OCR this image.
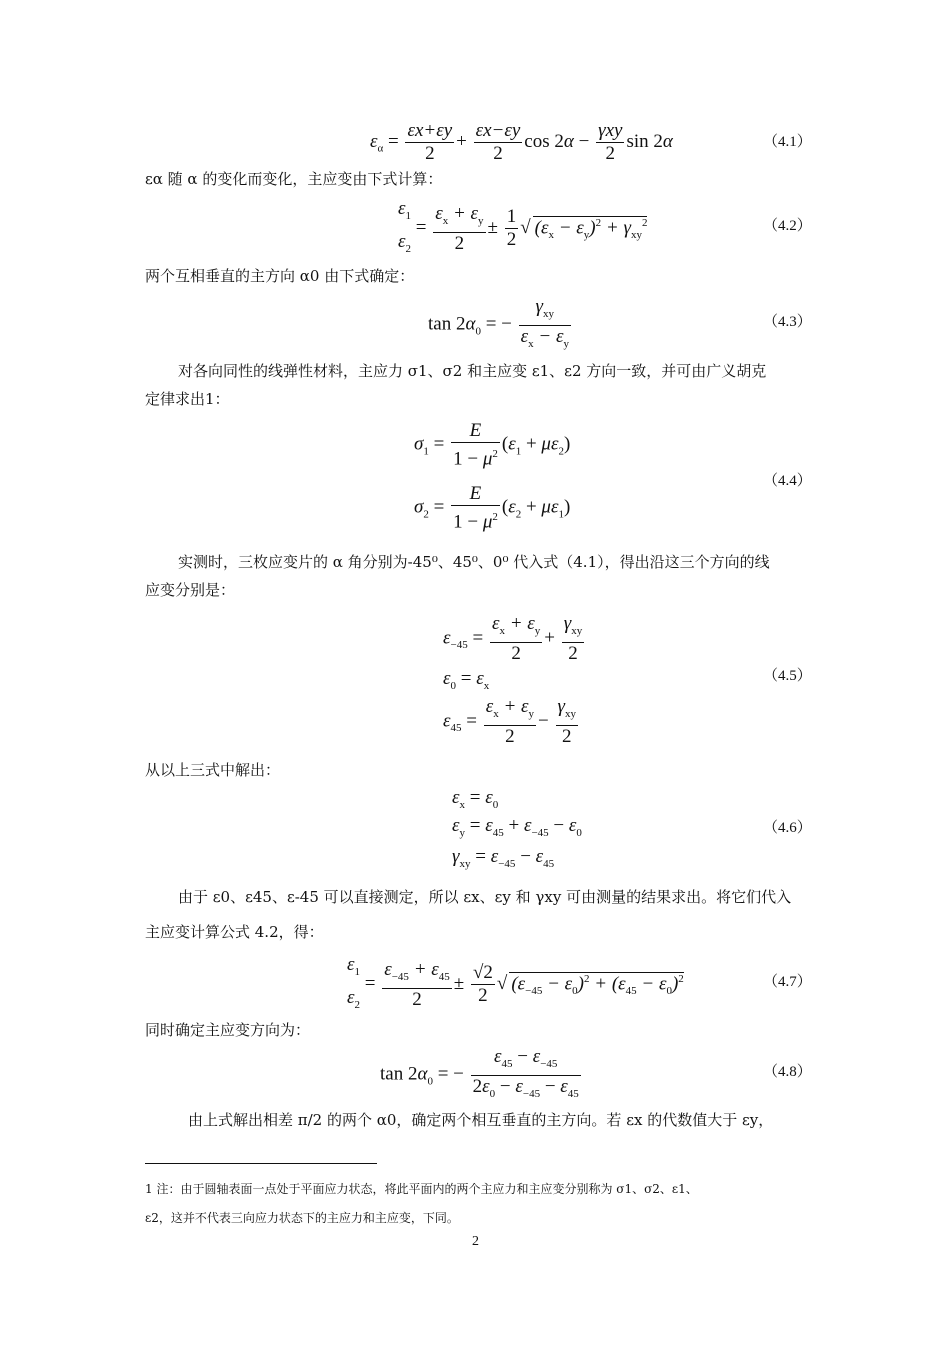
$\varepsilon_\alpha = \frac{\varepsilon x+\varepsilon y}{2} + \frac{\varepsilon x-\varepsilon y}{2}$ $\cos 2\alpha - \frac{\text{γxy}}{2}$ sin 2α	（4.1）
εα 随 α 的变化而变化，主应变由下式计算：
$\varepsilon_1$
$\varepsilon_2$
= $\frac{\varepsilon_x + \varepsilon_y}{2} \pm \frac{1}{2}$ √ $(\varepsilon_x - \varepsilon_y)^2 + \gamma_{xy}^2$	（4.2）
两个互相垂直的主方向 α0 由下式确定：
$\tan 2\alpha_0$ = − $\frac{\gamma_{xy}}{\varepsilon_x - \varepsilon_y}$	（4.3）
对各向同性的线弹性材料，主应力 σ1、σ2 和主应变 ε1、ε2 方向一致，并可由广义胡克
定律求出1：
$\sigma_1 = \frac{E}{1 - \mu^2} (\varepsilon_1 + \mu\varepsilon_2)$
$\sigma_2 = \frac{E}{1 - \mu^2} (\varepsilon_2 + \mu\varepsilon_1)$
（4.4）
实测时，三枚应变片的 α 角分别为-45⁰、45⁰、0⁰ 代入式（4.1），得出沿这三个方向的线
应变分别是：
$\varepsilon_{-45} = \frac{\varepsilon_x + \varepsilon_y}{2} + \frac{\gamma_{xy}}{2}$
$\varepsilon_0 = \varepsilon_x$
$\varepsilon_{45} = \frac{\varepsilon_x + \varepsilon_y}{2} - \frac{\gamma_{xy}}{2}$
（4.5）
从以上三式中解出：
$\varepsilon_x = \varepsilon_0$
$\varepsilon_y = \varepsilon_{45} + \varepsilon_{-45} - \varepsilon_0$
$\gamma_{xy} = \varepsilon_{-45} - \varepsilon_{45}$
（4.6）
由于 ε0、ε45、ε-45 可以直接测定，所以 εx、εy 和 γxy 可由测量的结果求出。将它们代入
主应变计算公式 4.2，得：
$\varepsilon_1$
$\varepsilon_2$
= $\frac{\varepsilon_{-45} + \varepsilon_{45}}{2} \pm \frac{√2}{2}$ √ $(\varepsilon_{-45} - \varepsilon_0)^2 + (\varepsilon_{45} - \varepsilon_0)^2$	（4.7）
同时确定主应变方向为：
$\tan 2\alpha_0$ = − $\frac{\varepsilon_{45} - \varepsilon_{-45}}{2\varepsilon_0 - \varepsilon_{-45} - \varepsilon_{45}}$	（4.8）
由上式解出相差 π/2 的两个 α0，确定两个相互垂直的主方向。若 εx 的代数值大于 εy，
1 注：由于圆轴表面一点处于平面应力状态，将此平面内的两个主应力和主应变分别称为 σ1、σ2、ε1、
ε2，这并不代表三向应力状态下的主应力和主应变，下同。
2
